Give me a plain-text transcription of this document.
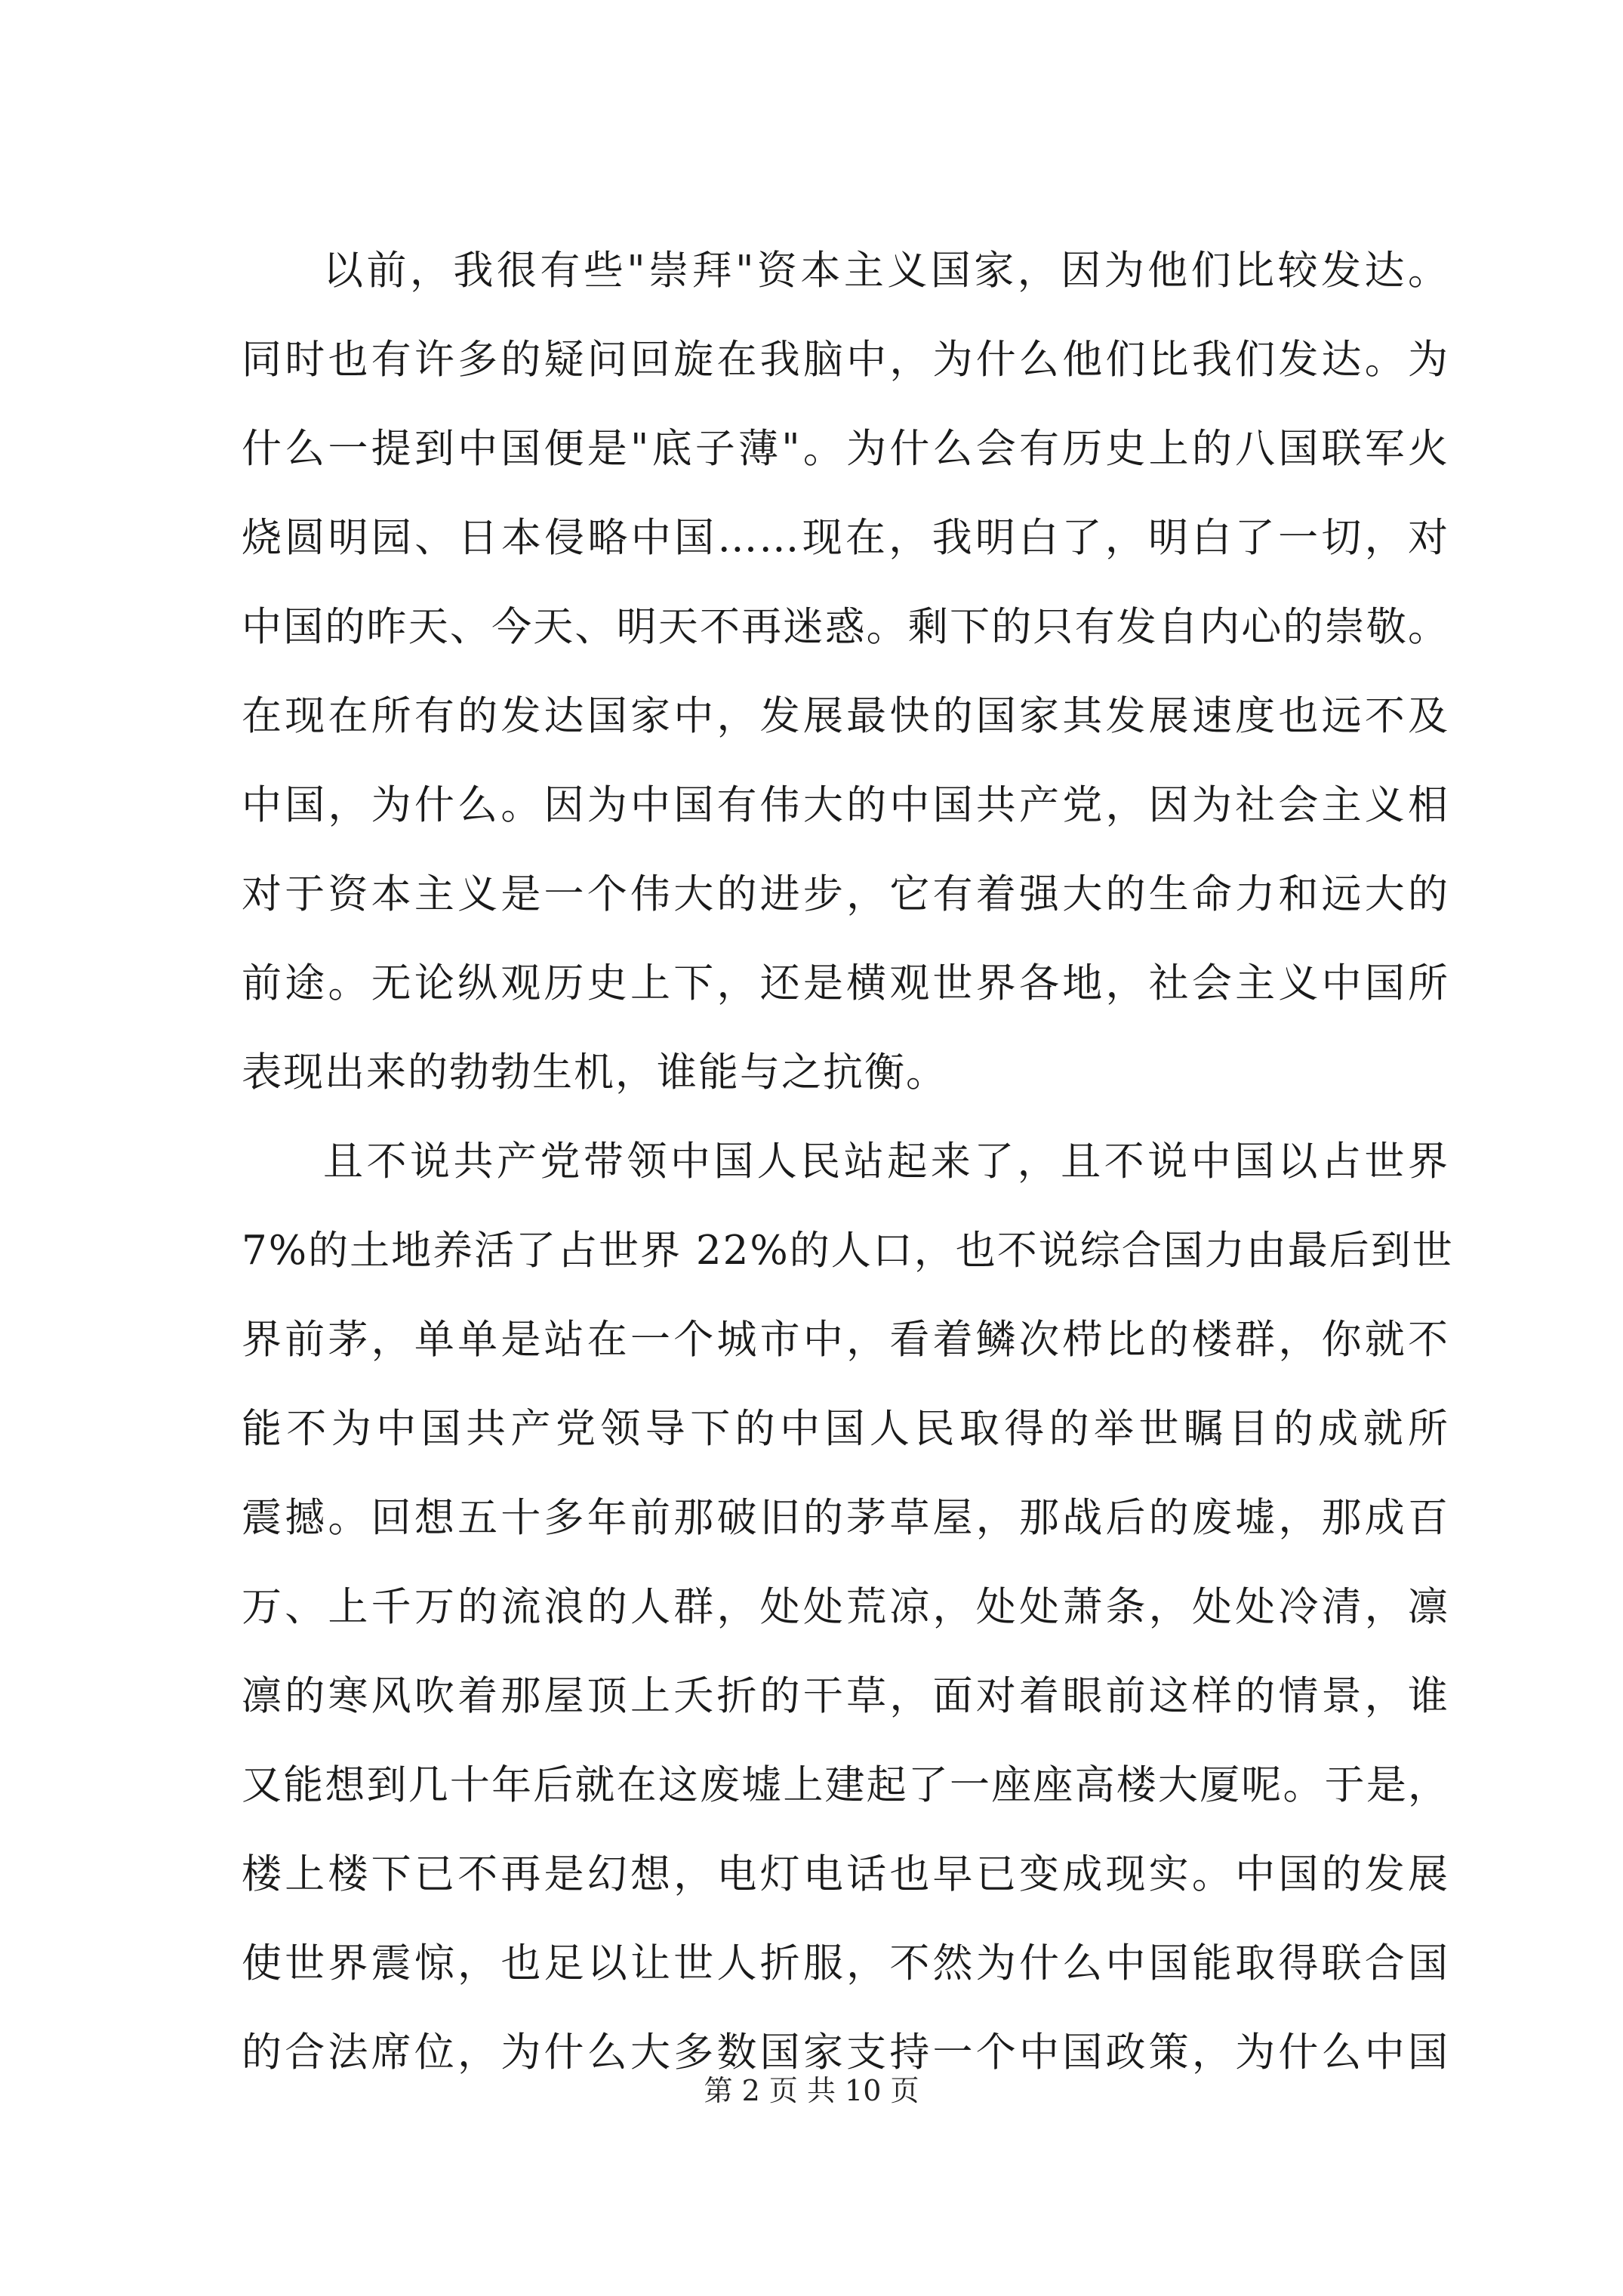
以前，我很有些"崇拜"资本主义国家，因为他们比较发达。
同时也有许多的疑问回旋在我脑中，为什么他们比我们发达。为
什么一提到中国便是"底子薄"。为什么会有历史上的八国联军火
烧圆明园、日本侵略中国……现在，我明白了，明白了一切，对
中国的昨天、今天、明天不再迷惑。剩下的只有发自内心的崇敬。
在现在所有的发达国家中，发展最快的国家其发展速度也远不及
中国，为什么。因为中国有伟大的中国共产党，因为社会主义相
对于资本主义是一个伟大的进步，它有着强大的生命力和远大的
前途。无论纵观历史上下，还是横观世界各地，社会主义中国所
表现出来的勃勃生机，谁能与之抗衡。
且不说共产党带领中国人民站起来了，且不说中国以占世界
7%的土地养活了占世界 22%的人口，也不说综合国力由最后到世
界前茅，单单是站在一个城市中，看着鳞次栉比的楼群，你就不
能不为中国共产党领导下的中国人民取得的举世瞩目的成就所
震撼。回想五十多年前那破旧的茅草屋，那战后的废墟，那成百
万、上千万的流浪的人群，处处荒凉，处处萧条，处处冷清，凛
凛的寒风吹着那屋顶上夭折的干草，面对着眼前这样的情景，谁
又能想到几十年后就在这废墟上建起了一座座高楼大厦呢。于是，
楼上楼下已不再是幻想，电灯电话也早已变成现实。中国的发展
使世界震惊，也足以让世人折服，不然为什么中国能取得联合国
的合法席位，为什么大多数国家支持一个中国政策，为什么中国
第 2 页 共 10 页
